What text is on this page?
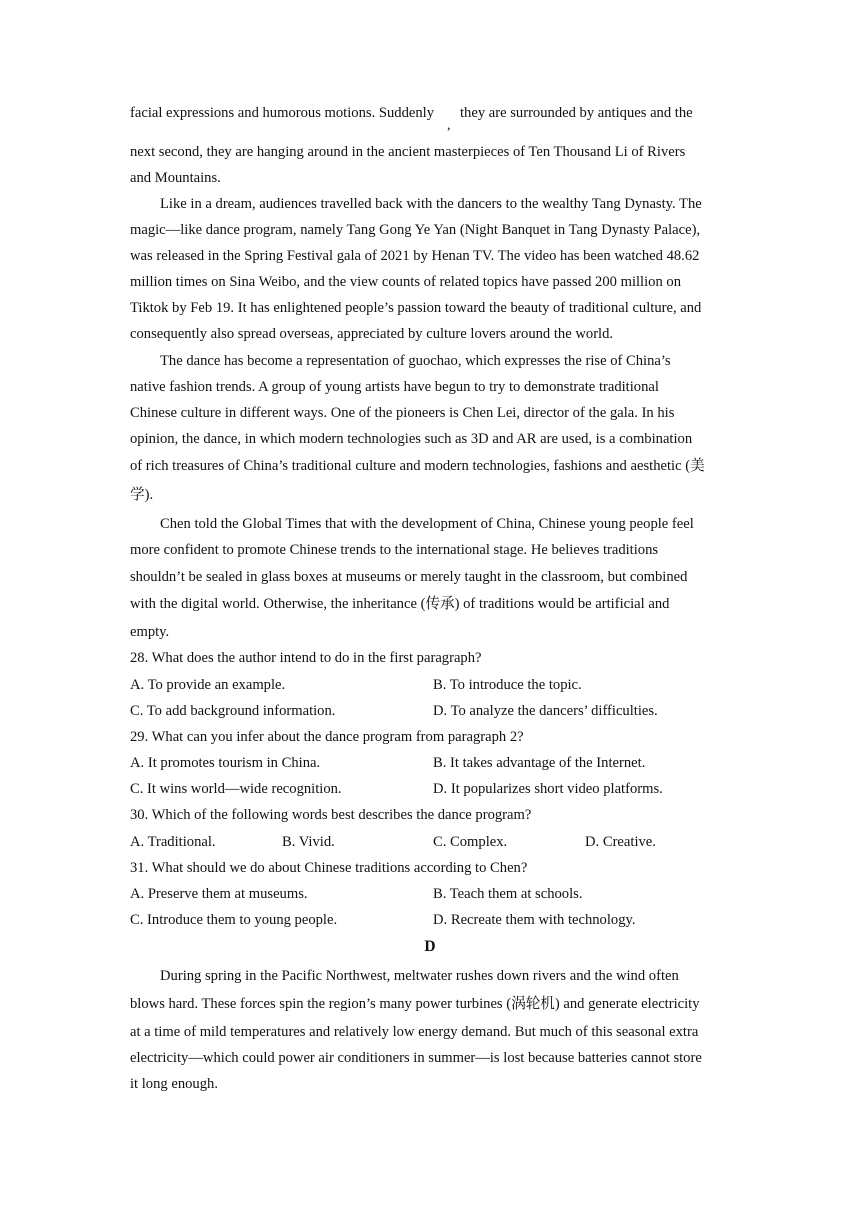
facial expressions and humorous motions. Suddenly

,

they are surrounded by antiques and the

next second, they are hanging around in the ancient masterpieces of Ten Thousand Li of Rivers

and Mountains.

Like in a dream, audiences travelled back with the dancers to the wealthy Tang Dynasty. The

magic—like dance program, namely Tang Gong Ye Yan (Night Banquet in Tang Dynasty Palace),

was released in the Spring Festival gala of 2021 by Henan TV. The video has been watched 48.62

million times on Sina Weibo, and the view counts of related topics have passed 200 million on

Tiktok by Feb 19. It has enlightened people’s passion toward the beauty of traditional culture, and

consequently also spread overseas, appreciated by culture lovers around the world.

The dance has become a representation of guochao, which expresses the rise of China’s

native fashion trends. A group of young artists have begun to try to demonstrate traditional

Chinese culture in different ways. One of the pioneers is Chen Lei, director of the gala. In his

opinion, the dance, in which modern technologies such as 3D and AR are used, is a combination

of rich treasures of China’s traditional culture and modern technologies, fashions and aesthetic (美

学).

Chen told the Global Times that with the development of China, Chinese young people feel

more confident to promote Chinese trends to the international stage. He believes traditions

shouldn’t be sealed in glass boxes at museums or merely taught in the classroom, but combined

with the digital world. Otherwise, the inheritance (传承) of traditions would be artificial and

empty.

28. What does the author intend to do in the first paragraph?

A. To provide an example.	B. To introduce the topic.

C. To add background information.	D. To analyze the dancers’ difficulties.

29. What can you infer about the dance program from paragraph 2?

A. It promotes tourism in China.	B. It takes advantage of the Internet.

C. It wins world—wide recognition.	D. It popularizes short video platforms.

30. Which of the following words best describes the dance program?

A. Traditional.	B. Vivid.	C. Complex.	D. Creative.

31. What should we do about Chinese traditions according to Chen?

A. Preserve them at museums.	B. Teach them at schools.

C. Introduce them to young people.	D. Recreate them with technology.

D

During spring in the Pacific Northwest, meltwater rushes down rivers and the wind often

blows hard. These forces spin the region’s many power turbines (涡轮机) and generate electricity

at a time of mild temperatures and relatively low energy demand. But much of this seasonal extra

electricity—which could power air conditioners in summer—is lost because batteries cannot store

it long enough.
